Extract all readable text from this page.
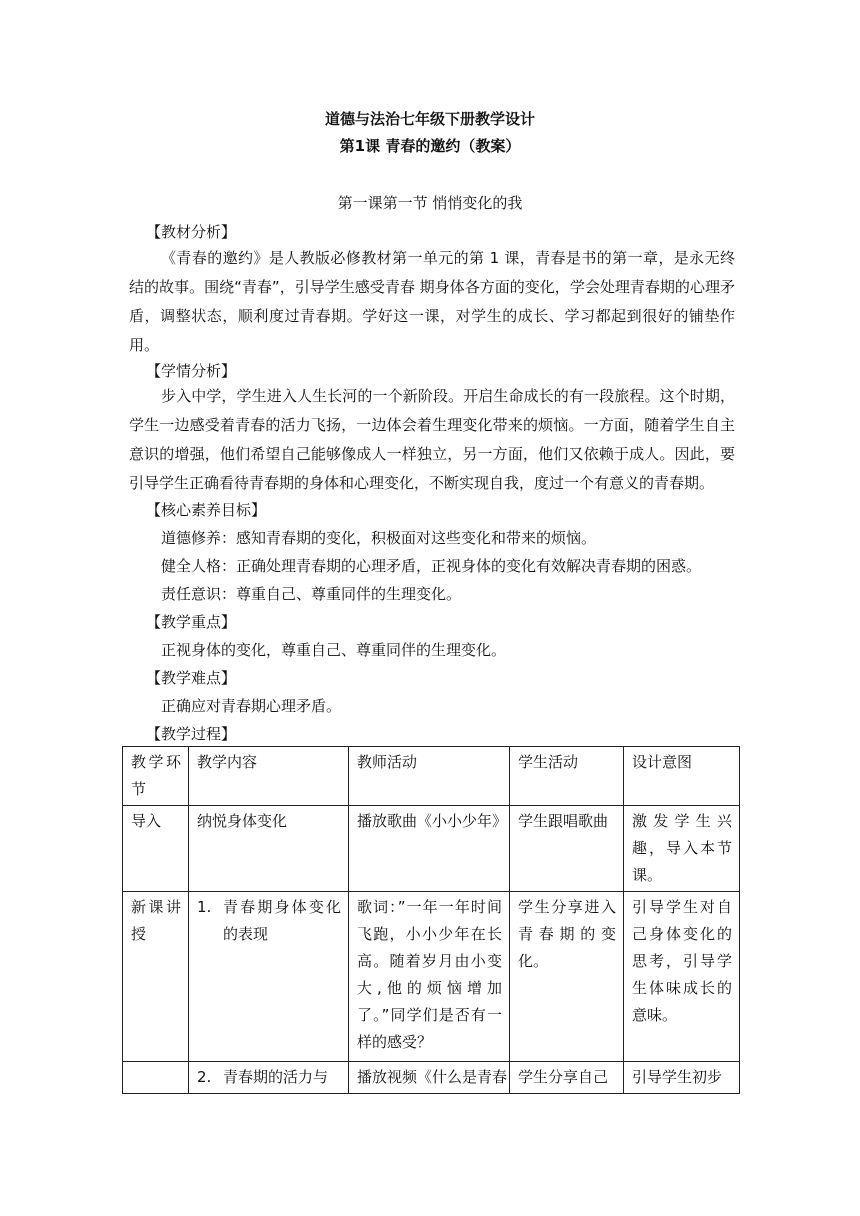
道德与法治七年级下册教学设计
第1课 青春的邀约（教案）
第一课第一节 悄悄变化的我
【教材分析】

《青春的邀约》是人教版必修教材第一单元的第 1 课，青春是书的第一章，是永无终结的故事。围绕“青春”，引导学生感受青春 期身体各方面的变化，学会处理青春期的心理矛盾，调整状态，顺利度过青春期。学好这一课，对学生的成长、学习都起到很好的铺垫作用。

【学情分析】

步入中学，学生进入人生长河的一个新阶段。开启生命成长的有一段旅程。这个时期，学生一边感受着青春的活力飞扬，一边体会着生理变化带来的烦恼。一方面，随着学生自主意识的增强，他们希望自己能够像成人一样独立，另一方面，他们又依赖于成人。因此，要引导学生正确看待青春期的身体和心理变化，不断实现自我，度过一个有意义的青春期。

【核心素养目标】
道德修养：感知青春期的变化，积极面对这些变化和带来的烦恼。
健全人格：正确处理青春期的心理矛盾，正视身体的变化有效解决青春期的困惑。
责任意识：尊重自己、尊重同伴的生理变化。
【教学重点】
正视身体的变化，尊重自己、尊重同伴的生理变化。
【教学难点】
正确应对青春期心理矛盾。
【教学过程】
教学环节	教学内容	教师活动	学生活动	设计意图
导入	纳悦身体变化	播放歌曲《小小少年》	学生跟唱歌曲	激发学生兴趣，导入本节课。
新课讲授	1. 青春期身体变化的表现	歌词：”一年一年时间飞跑，小小少年在长高。随着岁月由小变大,他的烦恼增加了。”同学们是否有一样的感受？	学生分享进入青春期的变化。	引导学生对自己身体变化的思考，引导学生体味成长的意味。
	2. 青春期的活力与	播放视频《什么是青春	学生分享自己	引导学生初步
